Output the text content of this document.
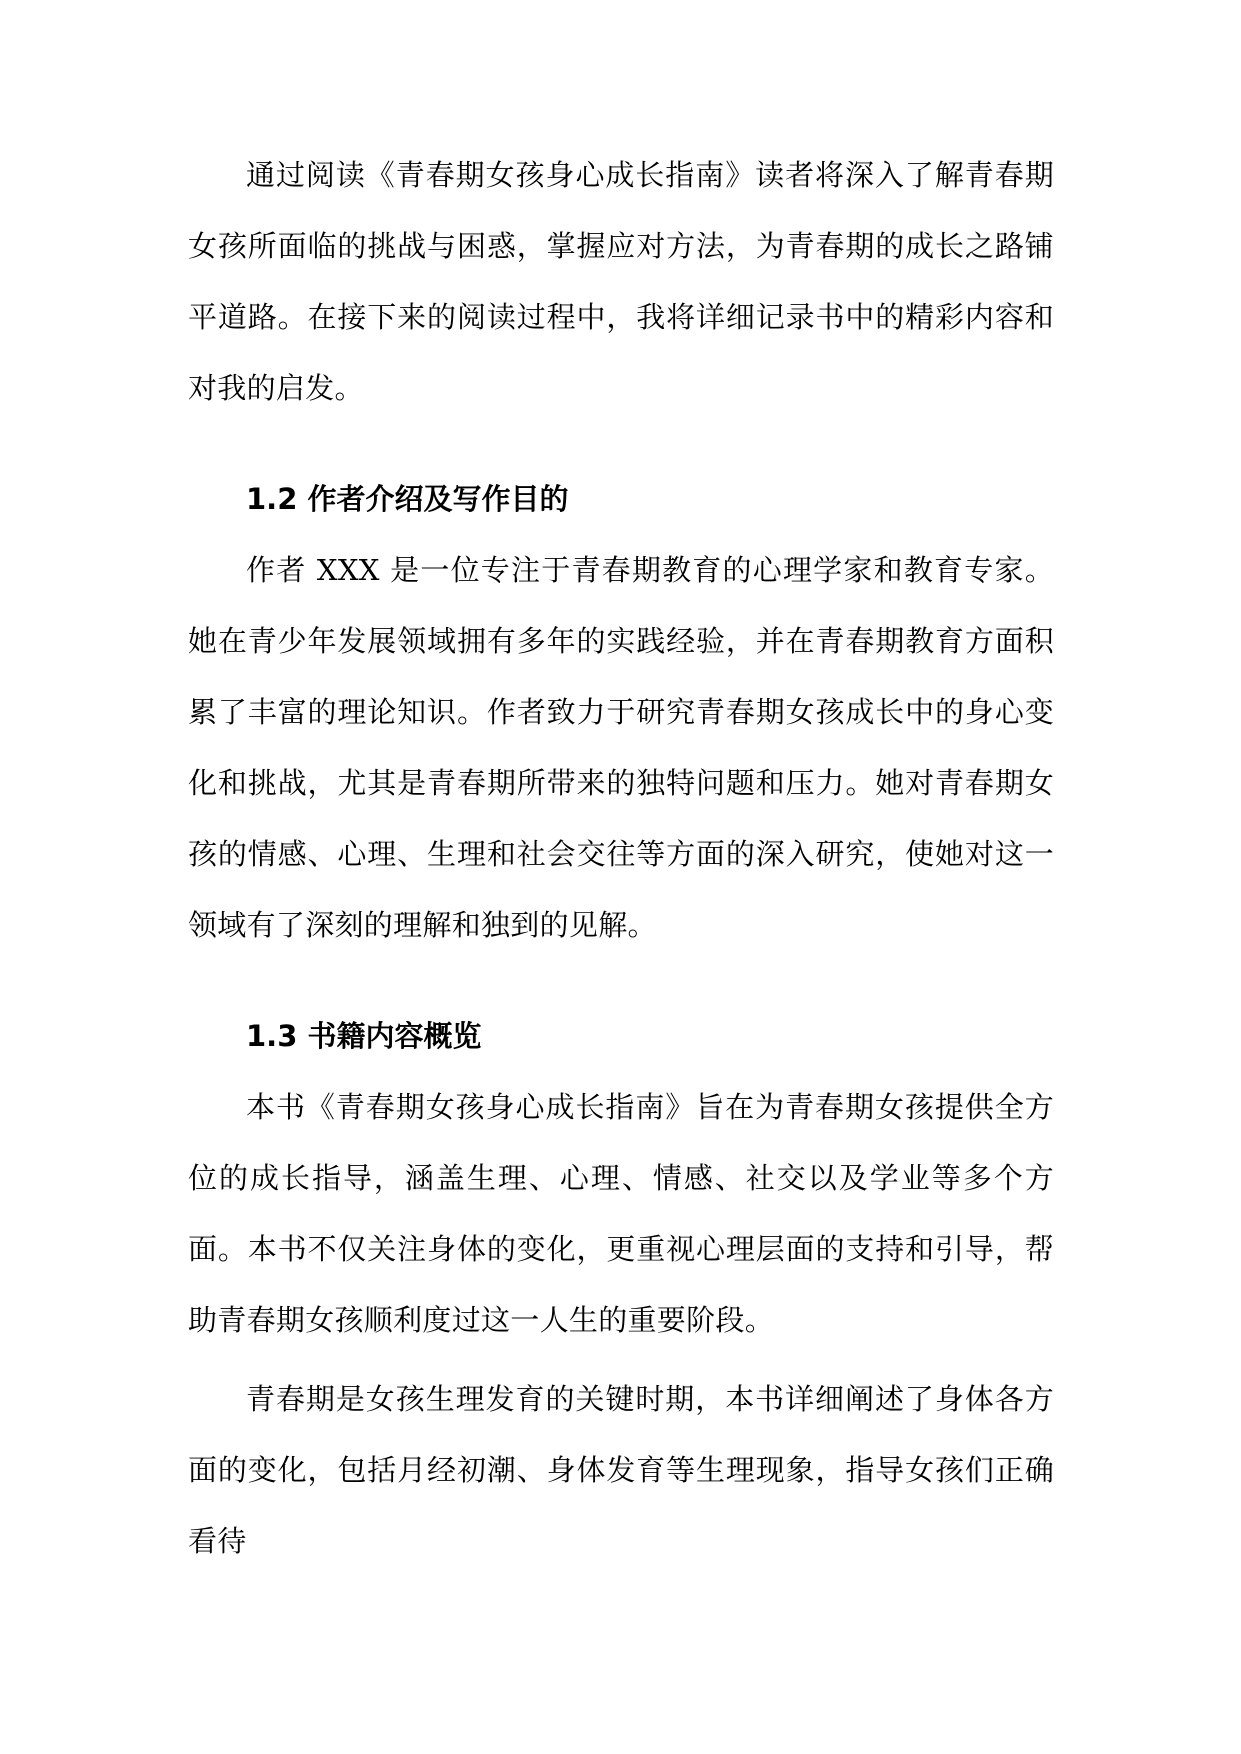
通过阅读《青春期女孩身心成长指南》读者将深入了解青春期女孩所面临的挑战与困惑，掌握应对方法，为青春期的成长之路铺平道路。在接下来的阅读过程中，我将详细记录书中的精彩内容和对我的启发。

1.2 作者介绍及写作目的

作者 XXX 是一位专注于青春期教育的心理学家和教育专家。她在青少年发展领域拥有多年的实践经验，并在青春期教育方面积累了丰富的理论知识。作者致力于研究青春期女孩成长中的身心变化和挑战，尤其是青春期所带来的独特问题和压力。她对青春期女孩的情感、心理、生理和社会交往等方面的深入研究，使她对这一领域有了深刻的理解和独到的见解。

1.3 书籍内容概览

本书《青春期女孩身心成长指南》旨在为青春期女孩提供全方位的成长指导，涵盖生理、心理、情感、社交以及学业等多个方面。本书不仅关注身体的变化，更重视心理层面的支持和引导，帮助青春期女孩顺利度过这一人生的重要阶段。

青春期是女孩生理发育的关键时期，本书详细阐述了身体各方面的变化，包括月经初潮、身体发育等生理现象，指导女孩们正确看待
